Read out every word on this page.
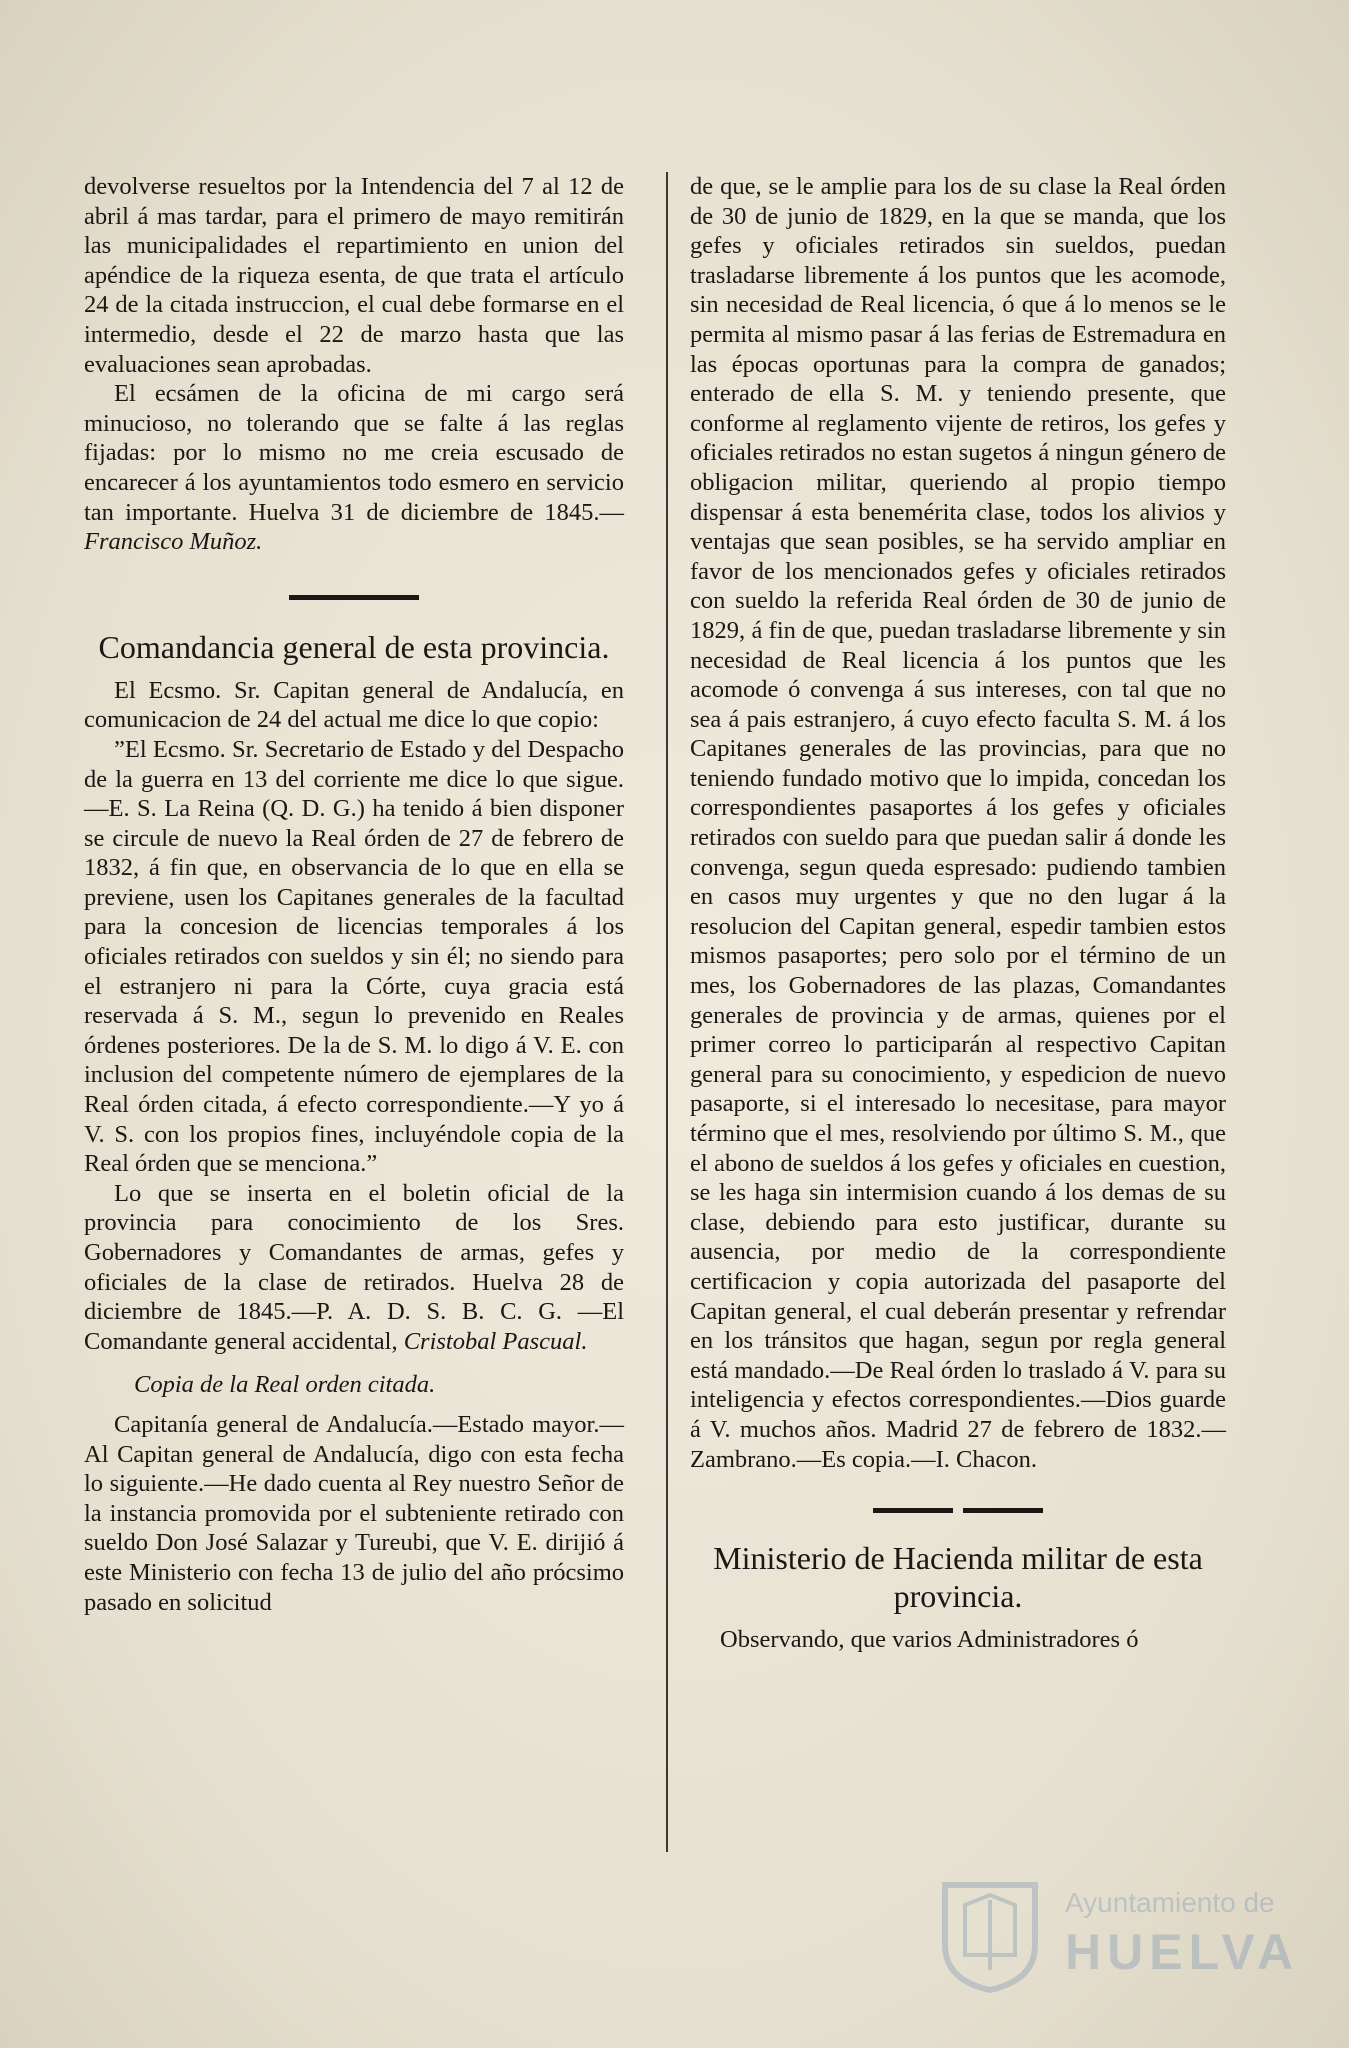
devolverse resueltos por la Intendencia del 7 al 12 de abril á mas tardar, para el primero de mayo remitirán las municipalidades el repartimiento en union del apéndice de la riqueza esenta, de que trata el artículo 24 de la citada instruccion, el cual debe formarse en el intermedio, desde el 22 de marzo hasta que las evaluaciones sean aprobadas.

El ecsámen de la oficina de mi cargo será minucioso, no tolerando que se falte á las reglas fijadas: por lo mismo no me creia escusado de encarecer á los ayuntamientos todo esmero en servicio tan importante. Huelva 31 de diciembre de 1845.—Francisco Muñoz.

Comandancia general de esta provincia.

El Ecsmo. Sr. Capitan general de Andalucía, en comunicacion de 24 del actual me dice lo que copio:

”El Ecsmo. Sr. Secretario de Estado y del Despacho de la guerra en 13 del corriente me dice lo que sigue.—E. S. La Reina (Q. D. G.) ha tenido á bien disponer se circule de nuevo la Real órden de 27 de febrero de 1832, á fin que, en observancia de lo que en ella se previene, usen los Capitanes generales de la facultad para la concesion de licencias temporales á los oficiales retirados con sueldos y sin él; no siendo para el estranjero ni para la Córte, cuya gracia está reservada á S. M., segun lo prevenido en Reales órdenes posteriores. De la de S. M. lo digo á V. E. con inclusion del competente número de ejemplares de la Real órden citada, á efecto correspondiente.—Y yo á V. S. con los propios fines, incluyéndole copia de la Real órden que se menciona.”

Lo que se inserta en el boletin oficial de la provincia para conocimiento de los Sres. Gobernadores y Comandantes de armas, gefes y oficiales de la clase de retirados. Huelva 28 de diciembre de 1845.—P. A. D. S. B. C. G. —El Comandante general accidental, Cristobal Pascual.

Copia de la Real orden citada.

Capitanía general de Andalucía.—Estado mayor.—Al Capitan general de Andalucía, digo con esta fecha lo siguiente.—He dado cuenta al Rey nuestro Señor de la instancia promovida por el subteniente retirado con sueldo Don José Salazar y Tureubi, que V. E. dirijió á este Ministerio con fecha 13 de julio del año prócsimo pasado en solicitud

de que, se le amplie para los de su clase la Real órden de 30 de junio de 1829, en la que se manda, que los gefes y oficiales retirados sin sueldos, puedan trasladarse libremente á los puntos que les acomode, sin necesidad de Real licencia, ó que á lo menos se le permita al mismo pasar á las ferias de Estremadura en las épocas oportunas para la compra de ganados; enterado de ella S. M. y teniendo presente, que conforme al reglamento vijente de retiros, los gefes y oficiales retirados no estan sugetos á ningun género de obligacion militar, queriendo al propio tiempo dispensar á esta benemérita clase, todos los alivios y ventajas que sean posibles, se ha servido ampliar en favor de los mencionados gefes y oficiales retirados con sueldo la referida Real órden de 30 de junio de 1829, á fin de que, puedan trasladarse libremente y sin necesidad de Real licencia á los puntos que les acomode ó convenga á sus intereses, con tal que no sea á pais estranjero, á cuyo efecto faculta S. M. á los Capitanes generales de las provincias, para que no teniendo fundado motivo que lo impida, concedan los correspondientes pasaportes á los gefes y oficiales retirados con sueldo para que puedan salir á donde les convenga, segun queda espresado: pudiendo tambien en casos muy urgentes y que no den lugar á la resolucion del Capitan general, espedir tambien estos mismos pasaportes; pero solo por el término de un mes, los Gobernadores de las plazas, Comandantes generales de provincia y de armas, quienes por el primer correo lo participarán al respectivo Capitan general para su conocimiento, y espedicion de nuevo pasaporte, si el interesado lo necesitase, para mayor término que el mes, resolviendo por último S. M., que el abono de sueldos á los gefes y oficiales en cuestion, se les haga sin intermision cuando á los demas de su clase, debiendo para esto justificar, durante su ausencia, por medio de la correspondiente certificacion y copia autorizada del pasaporte del Capitan general, el cual deberán presentar y refrendar en los tránsitos que hagan, segun por regla general está mandado.—De Real órden lo traslado á V. para su inteligencia y efectos correspondientes.—Dios guarde á V. muchos años. Madrid 27 de febrero de 1832.—Zambrano.—Es copia.—I. Chacon.

Ministerio de Hacienda militar de esta provincia.

Observando, que varios Administradores ó

Ayuntamiento de
HUELVA
